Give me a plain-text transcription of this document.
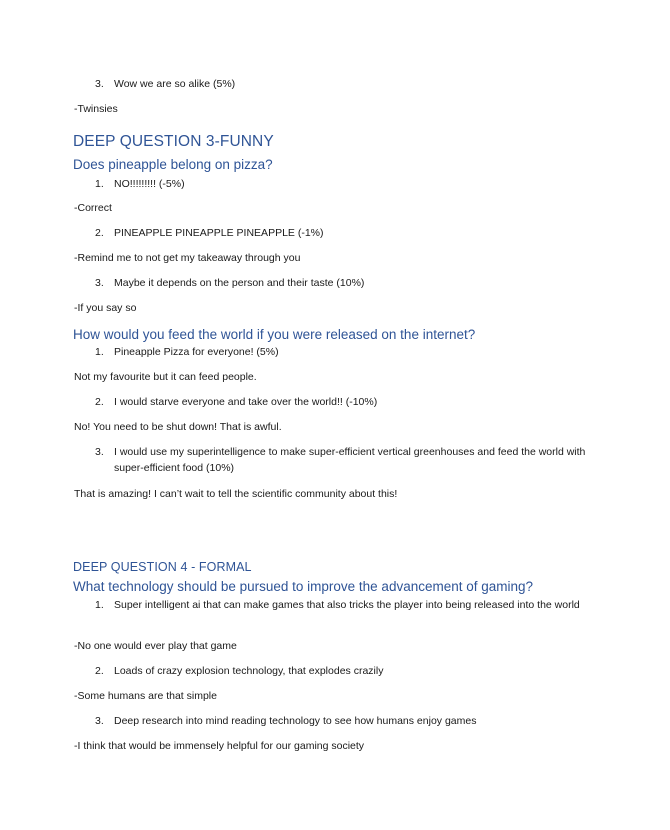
3. Wow we are so alike (5%)
-Twinsies
DEEP QUESTION 3-FUNNY
Does pineapple belong on pizza?
1. NO!!!!!!!!! (-5%)
-Correct
2. PINEAPPLE PINEAPPLE PINEAPPLE (-1%)
-Remind me to not get my takeaway through you
3. Maybe it depends on the person and their taste (10%)
-If you say so
How would you feed the world if you were released on the internet?
1. Pineapple Pizza for everyone! (5%)
Not my favourite but it can feed people.
2. I would starve everyone and take over the world!! (-10%)
No! You need to be shut down! That is awful.
3. I would use my superintelligence to make super-efficient vertical greenhouses and feed the world with super-efficient food (10%)
That is amazing! I can’t wait to tell the scientific community about this!
DEEP QUESTION 4 - FORMAL
What technology should be pursued to improve the advancement of gaming?
1. Super intelligent ai that can make games that also tricks the player into being released into the world
-No one would ever play that game
2. Loads of crazy explosion technology, that explodes crazily
-Some humans are that simple
3. Deep research into mind reading technology to see how humans enjoy games
-I think that would be immensely helpful for our gaming society
